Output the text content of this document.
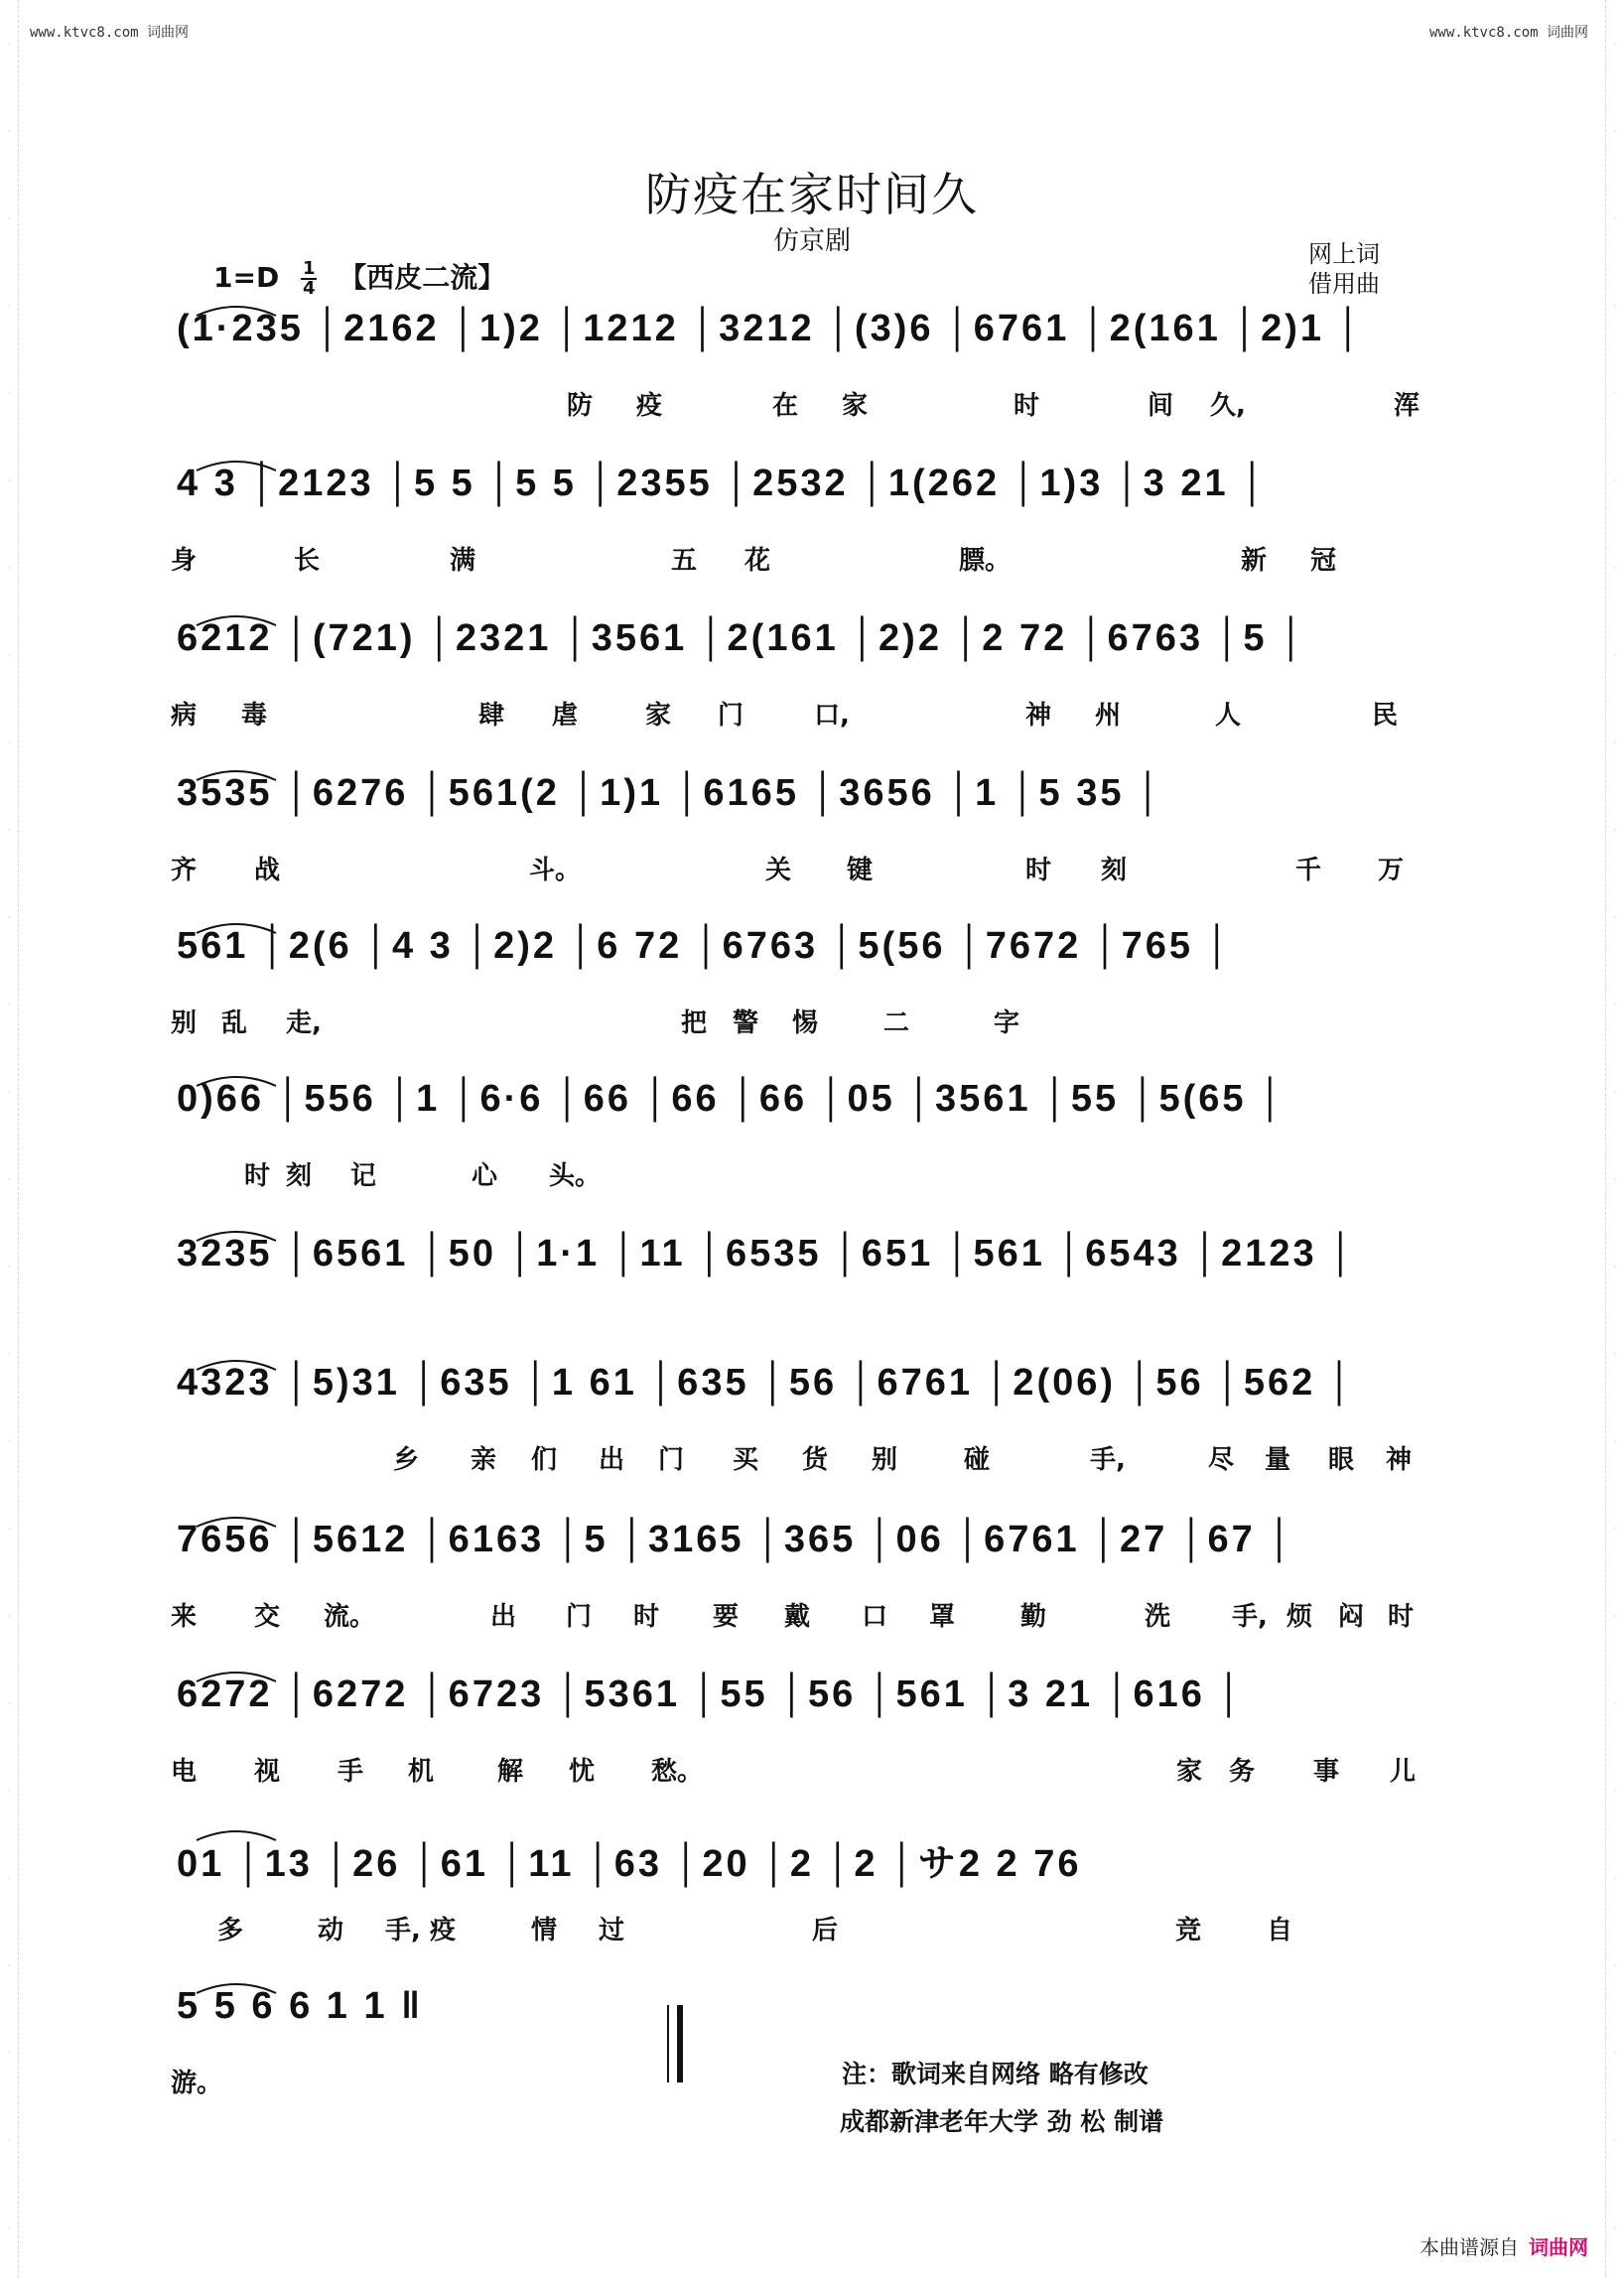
www.ktvc8.com 词曲网	www.ktvc8.com 词曲网
防疫在家时间久
仿京剧	网上词
借用曲
$1=D \frac{1}{4}$ 【西皮二流】
(1·235 │2162 │1)2 │1212 │3212 │(3)6 │6761 │2(161 │2)1 │
防 疫	在 家	时	间 久,	浑
4 3 │2123 │5 5 │5 5 │2355 │2532 │1(262 │1)3 │3 21 │
身	长	满	五 花	膘。	新 冠
6212 │(721) │2321 │3561 │2(161 │2)2 │2 72 │6763 │5 │
病 毒	肆 虐	家 门	口,	神 州	人	民
3535 │6276 │561(2 │1)1 │6165 │3656 │1 │5 35 │
齐 战	斗。	关 键	时 刻	千 万
561 │2(6 │4 3 │2)2 │6 72 │6763 │5(56 │7672 │765 │
别 乱 走,	把 警 惕	二	字
0)66 │556 │1 │6·6 │66 │66 │66 │05 │3561 │55 │5(65 │
时 刻 记	心 头。
3235 │6561 │50 │1·1 │11 │6535 │651 │561 │6543 │2123 │
4323 │5)31 │635 │1 61 │635 │56 │6761 │2(06) │56 │562 │
乡 亲 们 出 门 买 货 别	碰	手,	尽 量 眼 神
7656 │5612 │6163 │5 │3165 │365 │06 │6761 │27 │67 │
来 交 流。	出 门 时 要 戴 口 罩	勤	洗 手, 烦 闷 时
6272 │6272 │6723 │5361 │55 │56 │561 │3 21 │616 │
电 视 手 机 解 忧 愁。	家 务 事 儿
01 │13 │26 │61 │11 │63 │20 │2 │2 │サ2 2 76
多	动 手, 疫	情 过	后	竞	自
5 5 6 6 1 1 ‖
游。	注：歌词来自网络 略有修改
成都新津老年大学 劲 松 制谱
本曲谱源自 词曲网
·
·
·
·
·
·
·
·
·
·
·
·
·
·
·
·
·
·
·
·
·
·
·
·
·
·
·
·
·
·
·
·
·
·
·
·
·
·
·
·
·
·
·
·
·
·
·
·
·
·
·
·
